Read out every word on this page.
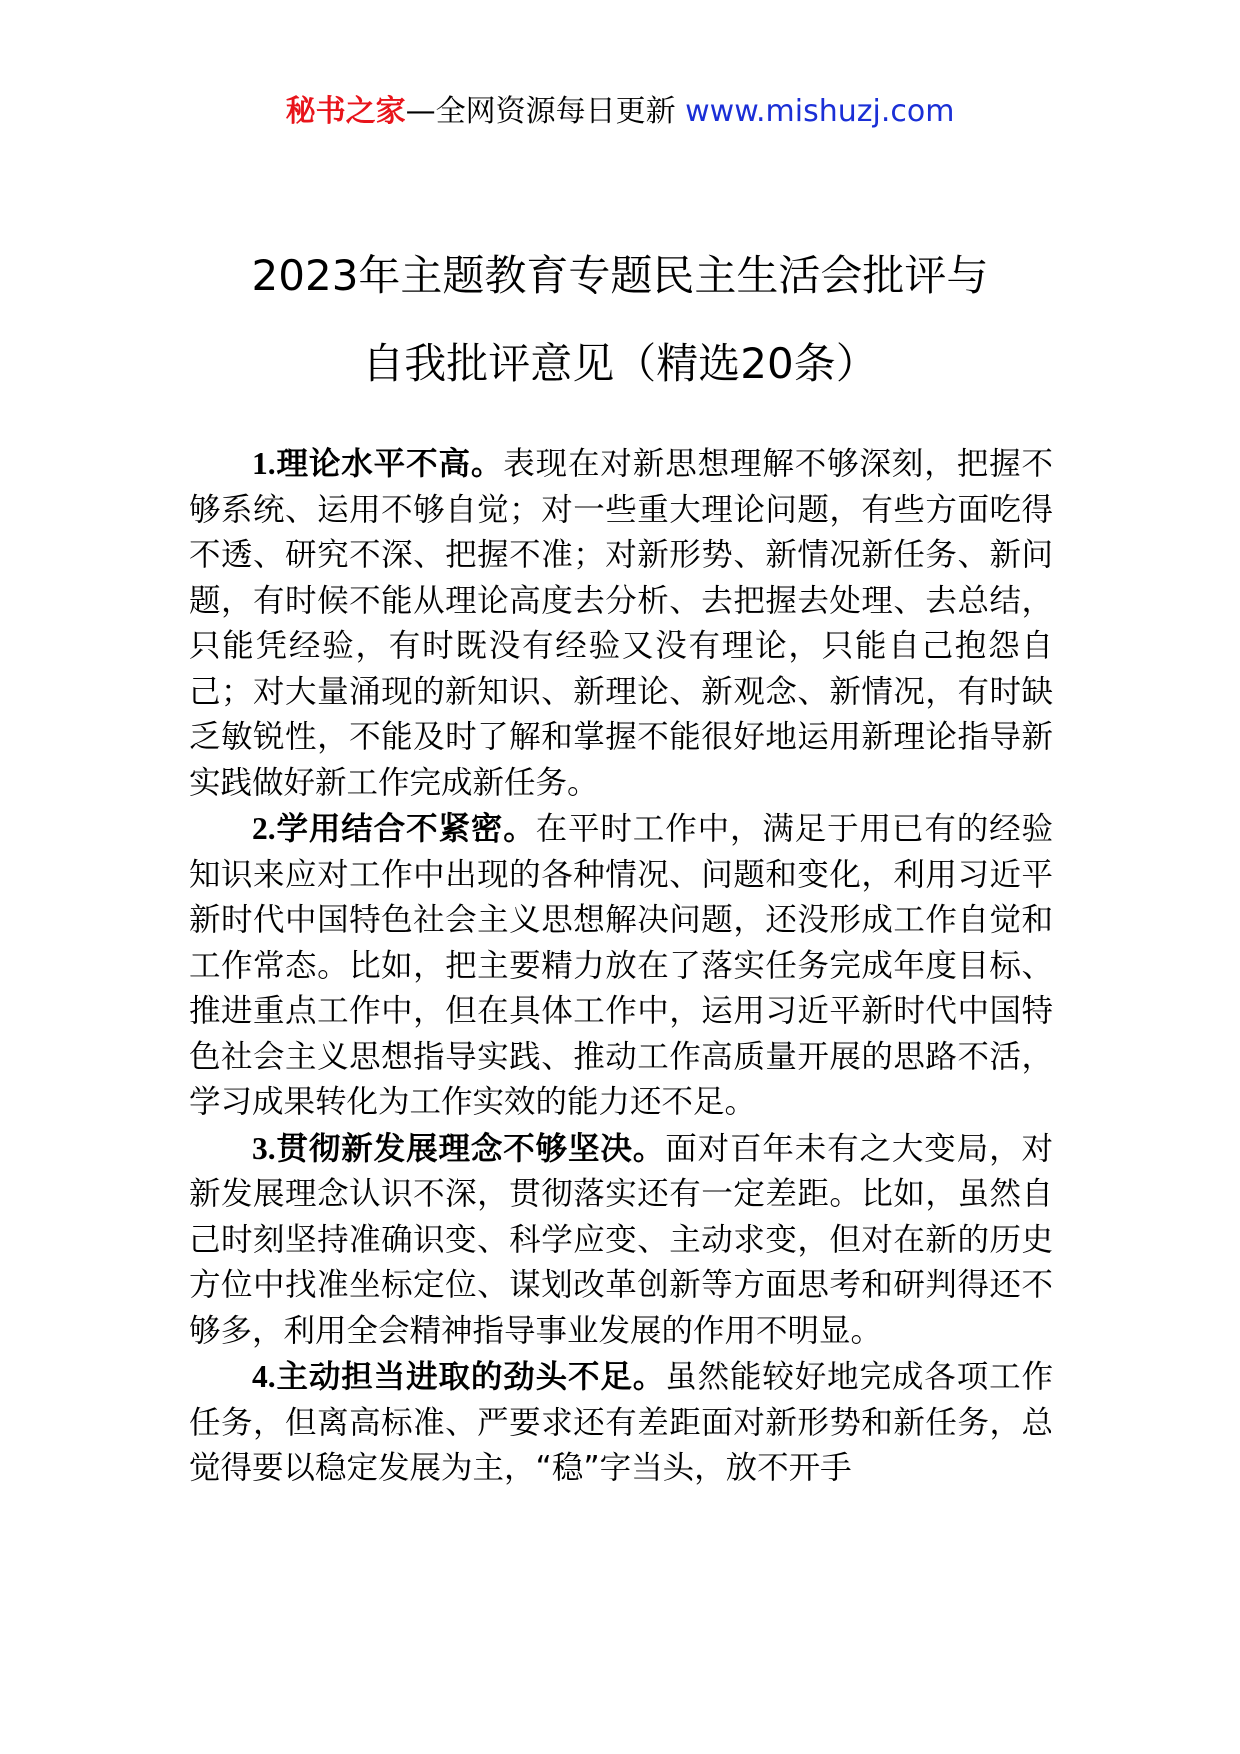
秘书之家—全网资源每日更新 www.mishuzj.com
2023年主题教育专题民主生活会批评与
自我批评意见（精选20条）

1.理论水平不高。表现在对新思想理解不够深刻，把握不够系统、运用不够自觉；对一些重大理论问题，有些方面吃得不透、研究不深、把握不准；对新形势、新情况新任务、新问题，有时候不能从理论高度去分析、去把握去处理、去总结，只能凭经验，有时既没有经验又没有理论，只能自己抱怨自己；对大量涌现的新知识、新理论、新观念、新情况，有时缺乏敏锐性，不能及时了解和掌握不能很好地运用新理论指导新实践做好新工作完成新任务。

2.学用结合不紧密。在平时工作中，满足于用已有的经验知识来应对工作中出现的各种情况、问题和变化，利用习近平新时代中国特色社会主义思想解决问题，还没形成工作自觉和工作常态。比如，把主要精力放在了落实任务完成年度目标、推进重点工作中，但在具体工作中，运用习近平新时代中国特色社会主义思想指导实践、推动工作高质量开展的思路不活，学习成果转化为工作实效的能力还不足。

3.贯彻新发展理念不够坚决。面对百年未有之大变局，对新发展理念认识不深，贯彻落实还有一定差距。比如，虽然自己时刻坚持准确识变、科学应变、主动求变，但对在新的历史方位中找准坐标定位、谋划改革创新等方面思考和研判得还不够多，利用全会精神指导事业发展的作用不明显。

4.主动担当进取的劲头不足。虽然能较好地完成各项工作任务，但离高标准、严要求还有差距面对新形势和新任务，总觉得要以稳定发展为主，“稳”字当头，放不开手
